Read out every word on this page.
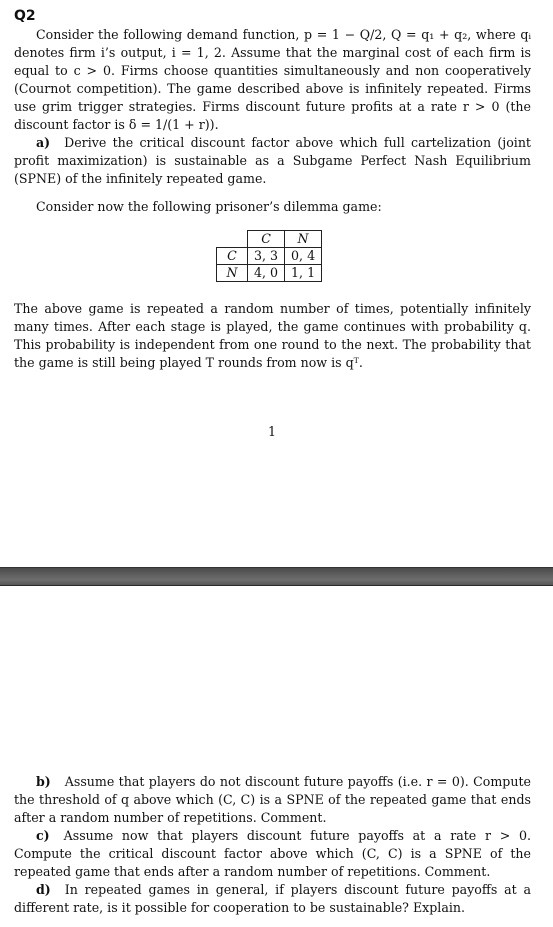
Q2

Consider the following demand function, p = 1 − Q/2, Q = q₁ + q₂, where qᵢ denotes firm i’s output, i = 1, 2. Assume that the marginal cost of each firm is equal to c > 0. Firms choose quantities simultaneously and non cooperatively (Cournot competition). The game described above is infinitely repeated. Firms use grim trigger strategies. Firms discount future profits at a rate r > 0 (the discount factor is δ = 1/(1 + r)).

a) Derive the critical discount factor above which full cartelization (joint profit maximization) is sustainable as a Subgame Perfect Nash Equilibrium (SPNE) of the infinitely repeated game.

Consider now the following prisoner’s dilemma game:

	C	N
C	3, 3	0, 4
N	4, 0	1, 1

The above game is repeated a random number of times, potentially infinitely many times. After each stage is played, the game continues with probability q. This probability is independent from one round to the next. The probability that the game is still being played T rounds from now is qᵀ.

1

b) Assume that players do not discount future payoffs (i.e. r = 0). Compute the threshold of q above which (C, C) is a SPNE of the repeated game that ends after a random number of repetitions. Comment.

c) Assume now that players discount future payoffs at a rate r > 0. Compute the critical discount factor above which (C, C) is a SPNE of the repeated game that ends after a random number of repetitions. Comment.

d) In repeated games in general, if players discount future payoffs at a different rate, is it possible for cooperation to be sustainable? Explain.
